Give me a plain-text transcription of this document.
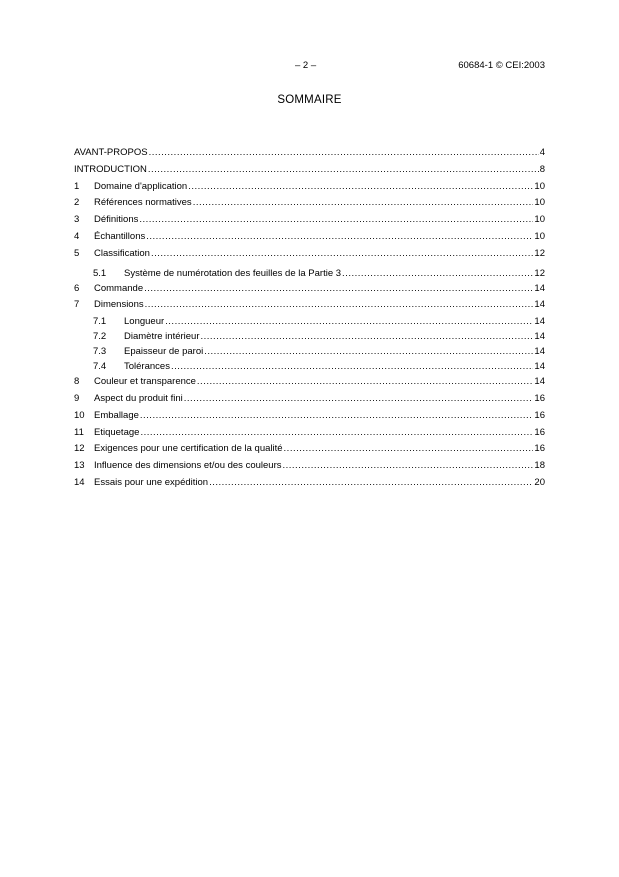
– 2 –	60684-1 © CEI:2003
SOMMAIRE
AVANT-PROPOS .....	4
INTRODUCTION .....	8
1	Domaine d'application .....	10
2	Références normatives .....	10
3	Définitions .....	10
4	Échantillons .....	10
5	Classification .....	12
5.1	Système de numérotation des feuilles de la Partie 3 .....	12
6	Commande .....	14
7	Dimensions .....	14
7.1	Longueur .....	14
7.2	Diamètre intérieur .....	14
7.3	Epaisseur de paroi .....	14
7.4	Tolérances .....	14
8	Couleur et transparence .....	14
9	Aspect du produit fini .....	16
10 Emballage .....	16
11	Etiquetage .....	16
12 Exigences pour une certification de la qualité .....	16
13 Influence des dimensions et/ou des couleurs .....	18
14 Essais pour une expédition .....	20
